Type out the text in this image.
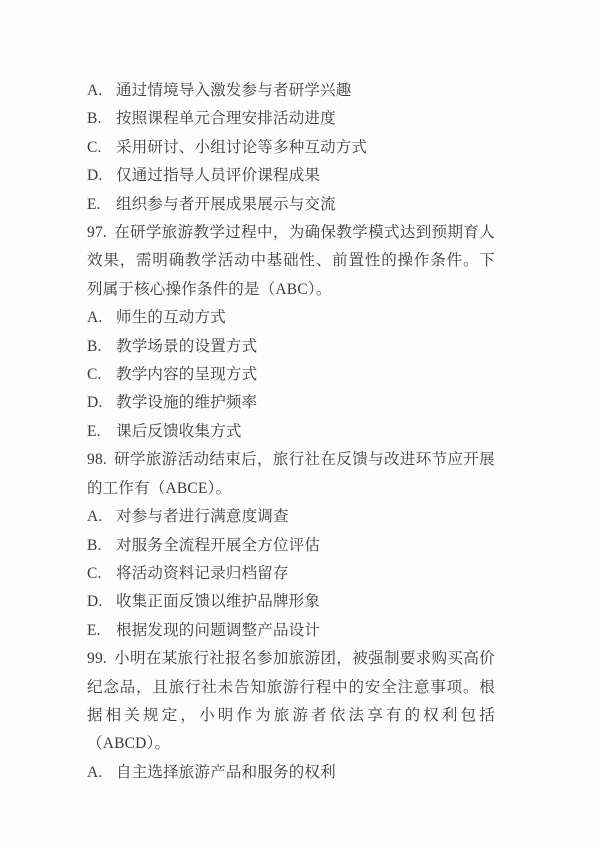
A. 通过情境导入激发参与者研学兴趣
B. 按照课程单元合理安排活动进度
C. 采用研讨、小组讨论等多种互动方式
D. 仅通过指导人员评价课程成果
E. 组织参与者开展成果展示与交流

97. 在研学旅游教学过程中，为确保教学模式达到预期育人效果，需明确教学活动中基础性、前置性的操作条件。下列属于核心操作条件的是（ABC）。

A. 师生的互动方式
B. 教学场景的设置方式
C. 教学内容的呈现方式
D. 教学设施的维护频率
E. 课后反馈收集方式

98. 研学旅游活动结束后，旅行社在反馈与改进环节应开展的工作有（ABCE）。

A. 对参与者进行满意度调查
B. 对服务全流程开展全方位评估
C. 将活动资料记录归档留存
D. 收集正面反馈以维护品牌形象
E. 根据发现的问题调整产品设计

99. 小明在某旅行社报名参加旅游团，被强制要求购买高价纪念品，且旅行社未告知旅游行程中的安全注意事项。根据相关规定，小明作为旅游者依法享有的权利包括（ABCD）。

A. 自主选择旅游产品和服务的权利
